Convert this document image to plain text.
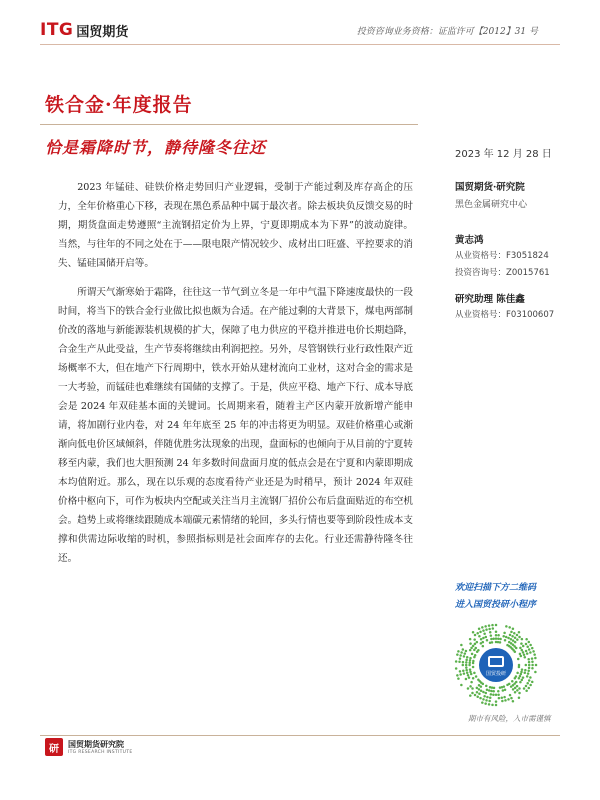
ITG 国贸期货	投资咨询业务资格：证监许可【2012】31 号
铁合金·年度报告
恰是霜降时节，静待隆冬往还	2023 年 12 月 28 日

2023 年锰硅、硅铁价格走势回归产业逻辑，受制于产能过剩及库存高企的压力，全年价格重心下移，表现在黑色系品种中属于最次者。除去板块负反馈交易的时期，期货盘面走势遵照“主流钢招定价为上界，宁夏即期成本为下界”的波动旋律。当然，与往年的不同之处在于——限电限产情况较少、成材出口旺盛、平控要求的消失、锰硅国储开启等。

所谓天气渐寒始于霜降，往往这一节气到立冬是一年中气温下降速度最快的一段时间，将当下的铁合金行业做比拟也颇为合适。在产能过剩的大背景下，煤电两部制价改的落地与新能源装机规模的扩大，保障了电力供应的平稳并推进电价长期趋降，合金生产从此受益，生产节奏将继续由利润把控。另外，尽管钢铁行业行政性限产近场概率不大，但在地产下行周期中，铁水开始从建材流向工业材，这对合金的需求是一大考验，而锰硅也难继续有国储的支撑了。于是，供应平稳、地产下行、成本导底会是 2024 年双硅基本面的关键词。长周期来看，随着主产区内蒙开放新增产能申请，将加剧行业内卷，对 24 年年底至 25 年的冲击将更为明显。双硅价格重心或渐渐向低电价区域倾斜，伴随优胜劣汰现象的出现，盘面标的也倾向于从目前的宁夏转移至内蒙，我们也大胆预测 24 年多数时间盘面月度的低点会是在宁夏和内蒙即期成本均值附近。那么，现在以乐观的态度看待产业还是为时稍早，预计 2024 年双硅价格中枢向下，可作为板块内空配或关注当月主流钢厂招价公布后盘面贴近的布空机会。趋势上或将继续跟随成本端碳元素情绪的轮回，多头行情也要等到阶段性成本支撑和供需边际收缩的时机，参照指标则是社会面库存的去化。行业还需静待隆冬往还。

国贸期货·研究院
黑色金属研究中心
黄志鸿
从业资格号：F3051824
投资咨询号：Z0015761
研究助理 陈佳鑫
从业资格号：F03100607
欢迎扫描下方二维码
进入国贸投研小程序
国贸投研
期市有风险，入市需谨慎
研	国贸期货研究院
ITG RESEARCH INSTITUTE
